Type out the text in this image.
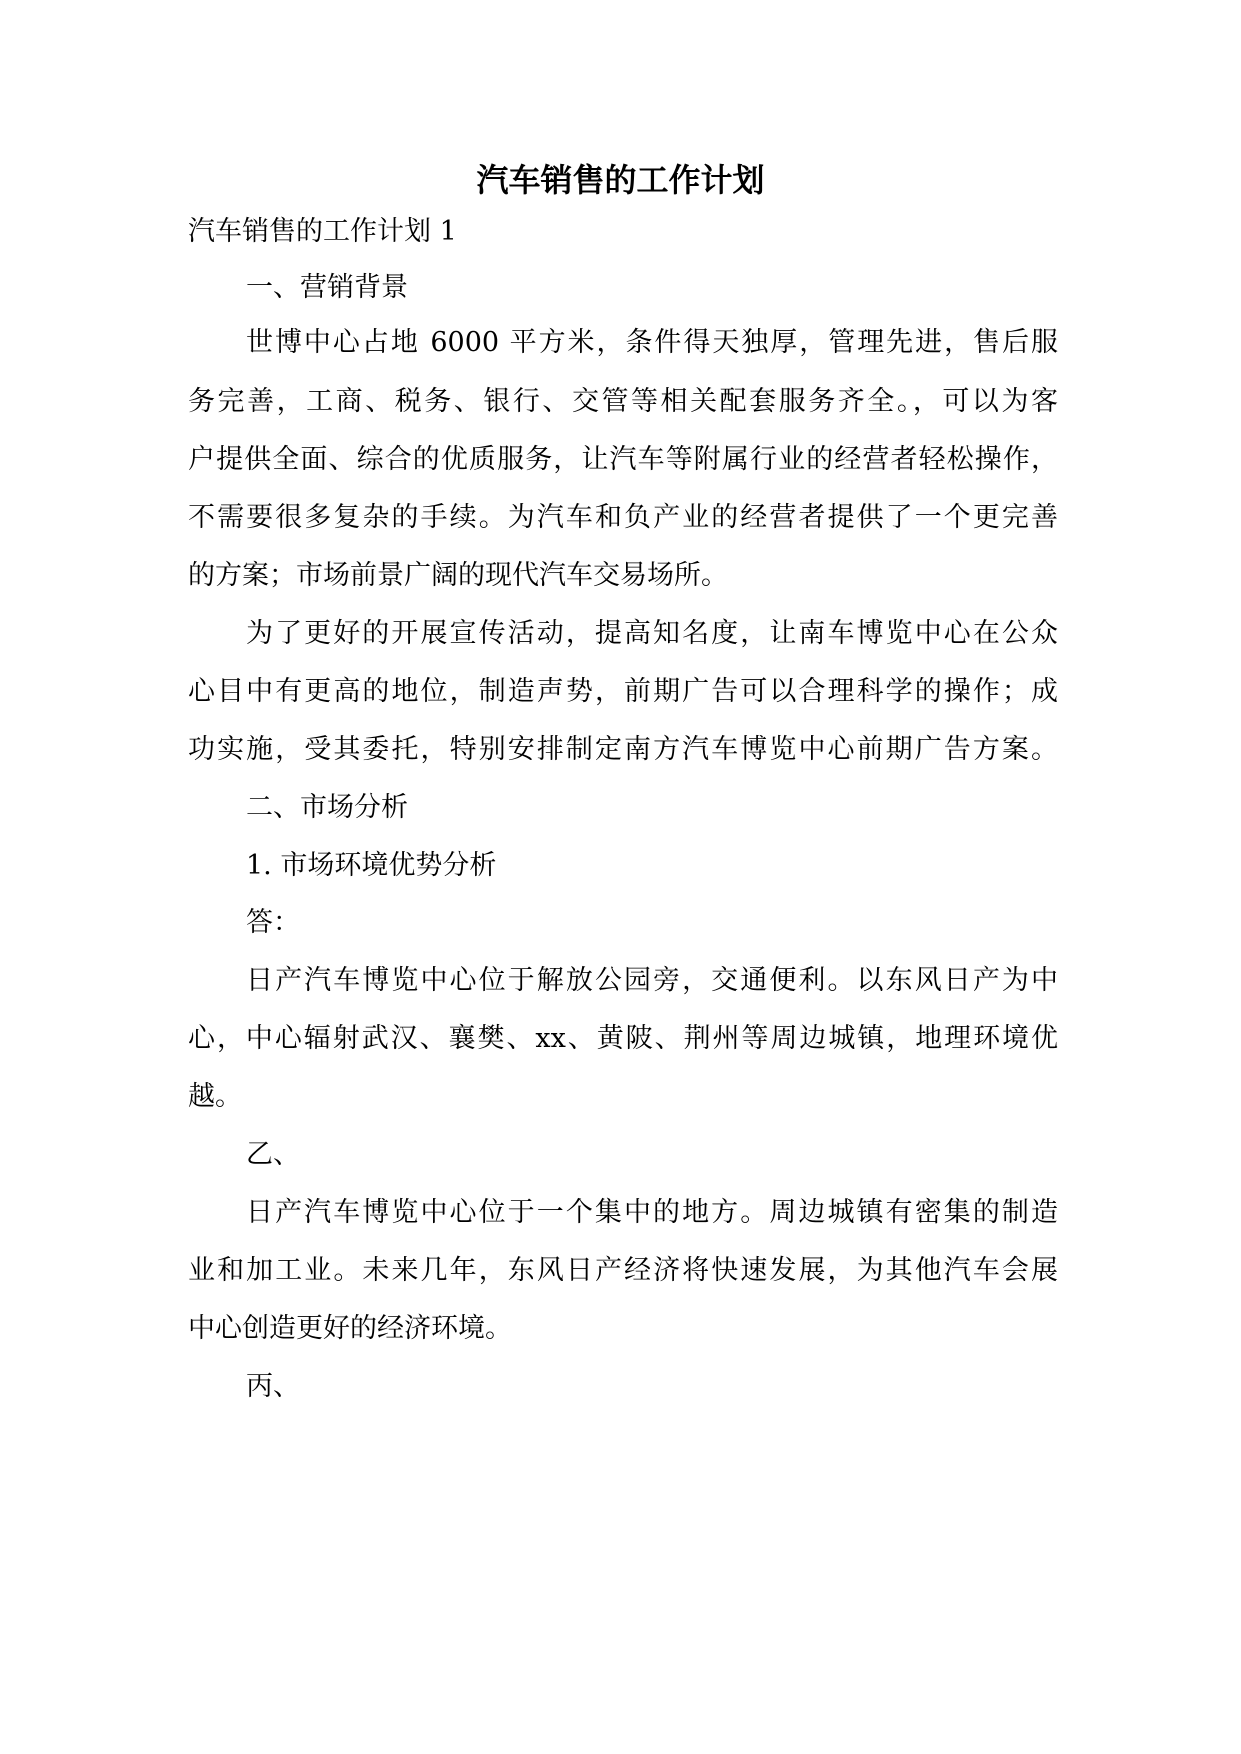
汽车销售的工作计划
汽车销售的工作计划 1
一、营销背景
世博中心占地 6000 平方米，条件得天独厚，管理先进，售后服
务完善，工商、税务、银行、交管等相关配套服务齐全。，可以为客
户提供全面、综合的优质服务，让汽车等附属行业的经营者轻松操作，
不需要很多复杂的手续。为汽车和负产业的经营者提供了一个更完善
的方案；市场前景广阔的现代汽车交易场所。
为了更好的开展宣传活动，提高知名度，让南车博览中心在公众
心目中有更高的地位，制造声势，前期广告可以合理科学的操作；成
功实施，受其委托，特别安排制定南方汽车博览中心前期广告方案。
二、市场分析
1. 市场环境优势分析
答：
日产汽车博览中心位于解放公园旁，交通便利。以东风日产为中
心，中心辐射武汉、襄樊、xx、黄陂、荆州等周边城镇，地理环境优
越。
乙、
日产汽车博览中心位于一个集中的地方。周边城镇有密集的制造
业和加工业。未来几年，东风日产经济将快速发展，为其他汽车会展
中心创造更好的经济环境。
丙、
